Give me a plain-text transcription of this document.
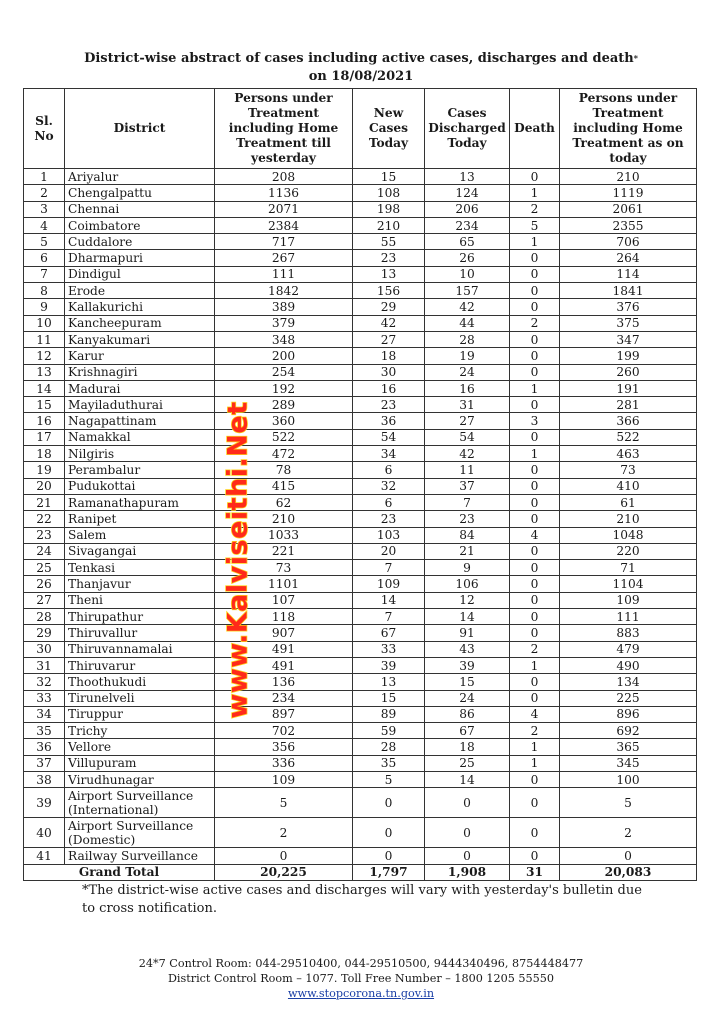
District-wise abstract of cases including active cases, discharges and death*
on 18/08/2021
Sl. No	District	Persons under Treatment including Home Treatment till yesterday	New Cases Today	Cases Discharged Today	Death	Persons under Treatment including Home Treatment as on today
1	Ariyalur	208	15	13	0	210
2	Chengalpattu	1136	108	124	1	1119
3	Chennai	2071	198	206	2	2061
4	Coimbatore	2384	210	234	5	2355
5	Cuddalore	717	55	65	1	706
6	Dharmapuri	267	23	26	0	264
7	Dindigul	111	13	10	0	114
8	Erode	1842	156	157	0	1841
9	Kallakurichi	389	29	42	0	376
10	Kancheepuram	379	42	44	2	375
11	Kanyakumari	348	27	28	0	347
12	Karur	200	18	19	0	199
13	Krishnagiri	254	30	24	0	260
14	Madurai	192	16	16	1	191
15	Mayiladuthurai	289	23	31	0	281
16	Nagapattinam	360	36	27	3	366
17	Namakkal	522	54	54	0	522
18	Nilgiris	472	34	42	1	463
19	Perambalur	78	6	11	0	73
20	Pudukottai	415	32	37	0	410
21	Ramanathapuram	62	6	7	0	61
22	Ranipet	210	23	23	0	210
23	Salem	1033	103	84	4	1048
24	Sivagangai	221	20	21	0	220
25	Tenkasi	73	7	9	0	71
26	Thanjavur	1101	109	106	0	1104
27	Theni	107	14	12	0	109
28	Thirupathur	118	7	14	0	111
29	Thiruvallur	907	67	91	0	883
30	Thiruvannamalai	491	33	43	2	479
31	Thiruvarur	491	39	39	1	490
32	Thoothukudi	136	13	15	0	134
33	Tirunelveli	234	15	24	0	225
34	Tiruppur	897	89	86	4	896
35	Trichy	702	59	67	2	692
36	Vellore	356	28	18	1	365
37	Villupuram	336	35	25	1	345
38	Virudhunagar	109	5	14	0	100
39	Airport Surveillance (International)	5	0	0	0	5
40	Airport Surveillance (Domestic)	2	0	0	0	2
41	Railway Surveillance	0	0	0	0	0
Grand Total		20,225	1,797	1,908	31	20,083
*The district-wise active cases and discharges will vary with yesterday's bulletin due to cross notification.
24*7 Control Room: 044-29510400, 044-29510500, 9444340496, 8754448477
District Control Room – 1077. Toll Free Number – 1800 1205 55550
www.stopcorona.tn.gov.in
www.Kalviseithi.Net
